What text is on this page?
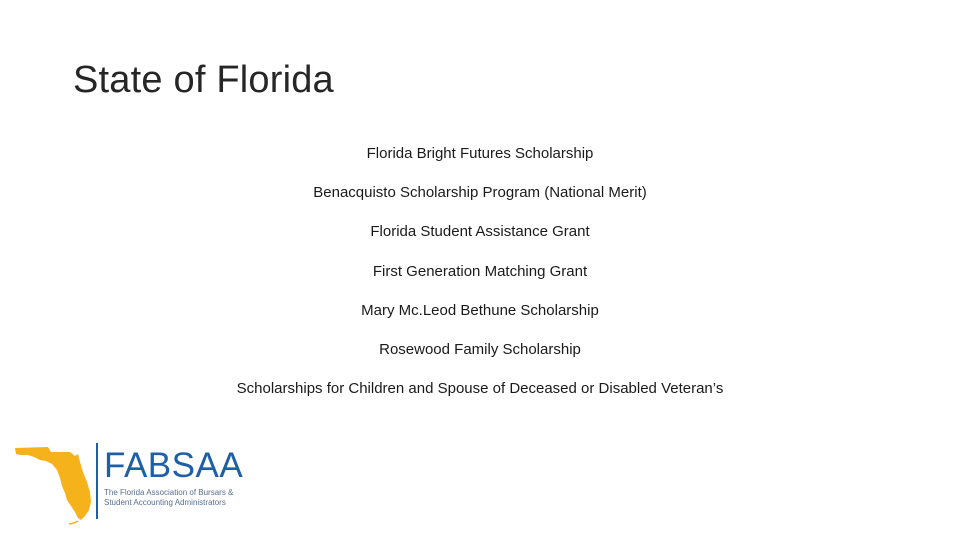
State of Florida
Florida Bright Futures Scholarship
Benacquisto Scholarship Program (National Merit)
Florida Student Assistance Grant
First Generation Matching Grant
Mary Mc.Leod Bethune Scholarship
Rosewood Family Scholarship
Scholarships for Children and Spouse of Deceased or Disabled Veteran’s
FABSAA
The Florida Association of Bursars &
Student Accounting Administrators
